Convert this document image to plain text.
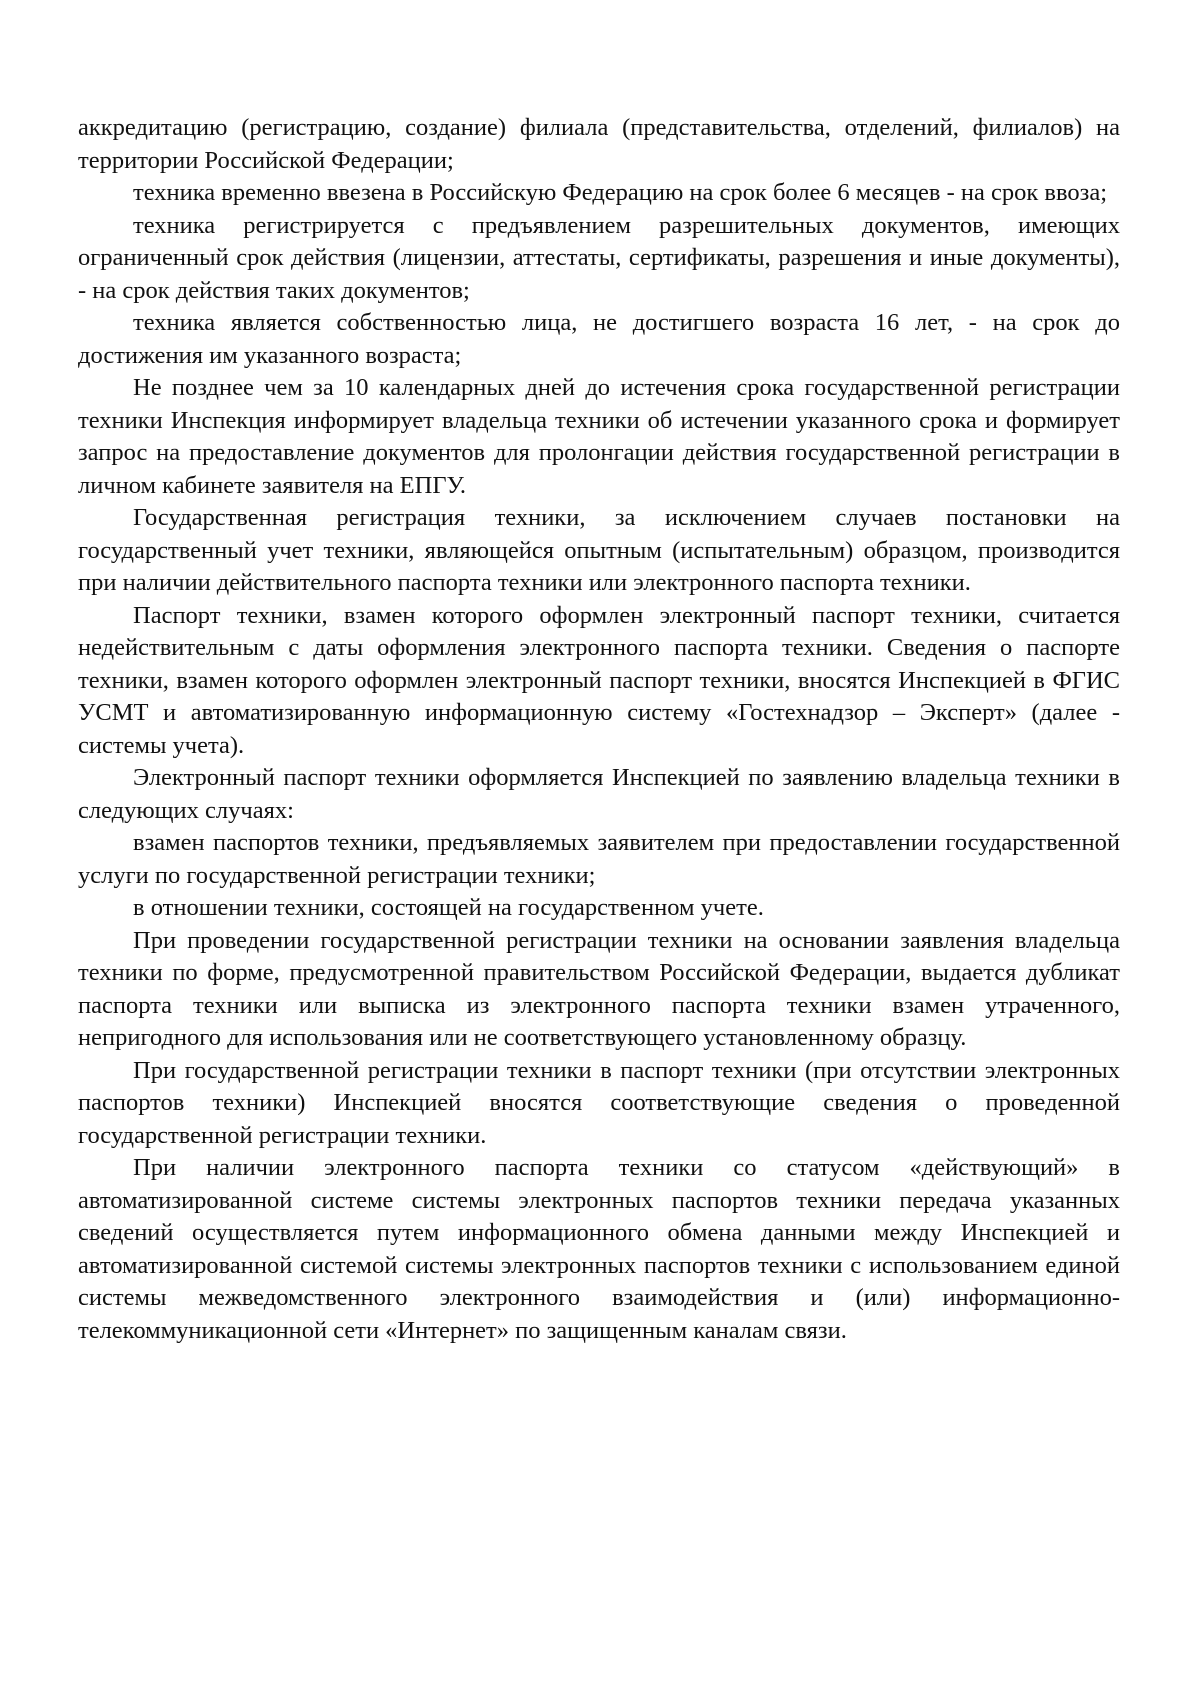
аккредитацию (регистрацию, создание) филиала (представительства, отделений, филиалов) на территории Российской Федерации;

техника временно ввезена в Российскую Федерацию на срок более 6 месяцев - на срок ввоза;

техника регистрируется с предъявлением разрешительных документов, имеющих ограниченный срок действия (лицензии, аттестаты, сертификаты, разрешения и иные документы), - на срок действия таких документов;

техника является собственностью лица, не достигшего возраста 16 лет, - на срок до достижения им указанного возраста;

Не позднее чем за 10 календарных дней до истечения срока государственной регистрации техники Инспекция информирует владельца техники об истечении указанного срока и формирует запрос на предоставление документов для пролонгации действия государственной регистрации в личном кабинете заявителя на ЕПГУ.

Государственная регистрация техники, за исключением случаев постановки на государственный учет техники, являющейся опытным (испытательным) образцом, производится при наличии действительного паспорта техники или электронного паспорта техники.

Паспорт техники, взамен которого оформлен электронный паспорт техники, считается недействительным с даты оформления электронного паспорта техники. Сведения о паспорте техники, взамен которого оформлен электронный паспорт техники, вносятся Инспекцией в ФГИС УСМТ и автоматизированную информационную систему «Гостехнадзор – Эксперт» (далее - системы учета).

Электронный паспорт техники оформляется Инспекцией по заявлению владельца техники в следующих случаях:

взамен паспортов техники, предъявляемых заявителем при предоставлении государственной услуги по государственной регистрации техники;

в отношении техники, состоящей на государственном учете.

При проведении государственной регистрации техники на основании заявления владельца техники по форме, предусмотренной правительством Российской Федерации, выдается дубликат паспорта техники или выписка из электронного паспорта техники взамен утраченного, непригодного для использования или не соответствующего установленному образцу.

При государственной регистрации техники в паспорт техники (при отсутствии электронных паспортов техники) Инспекцией вносятся соответствующие сведения о проведенной государственной регистрации техники.

При наличии электронного паспорта техники со статусом «действующий» в автоматизированной системе системы электронных паспортов техники передача указанных сведений осуществляется путем информационного обмена данными между Инспекцией и автоматизированной системой системы электронных паспортов техники с использованием единой системы межведомственного электронного взаимодействия и (или) информационно-телекоммуникационной сети «Интернет» по защищенным каналам связи.
